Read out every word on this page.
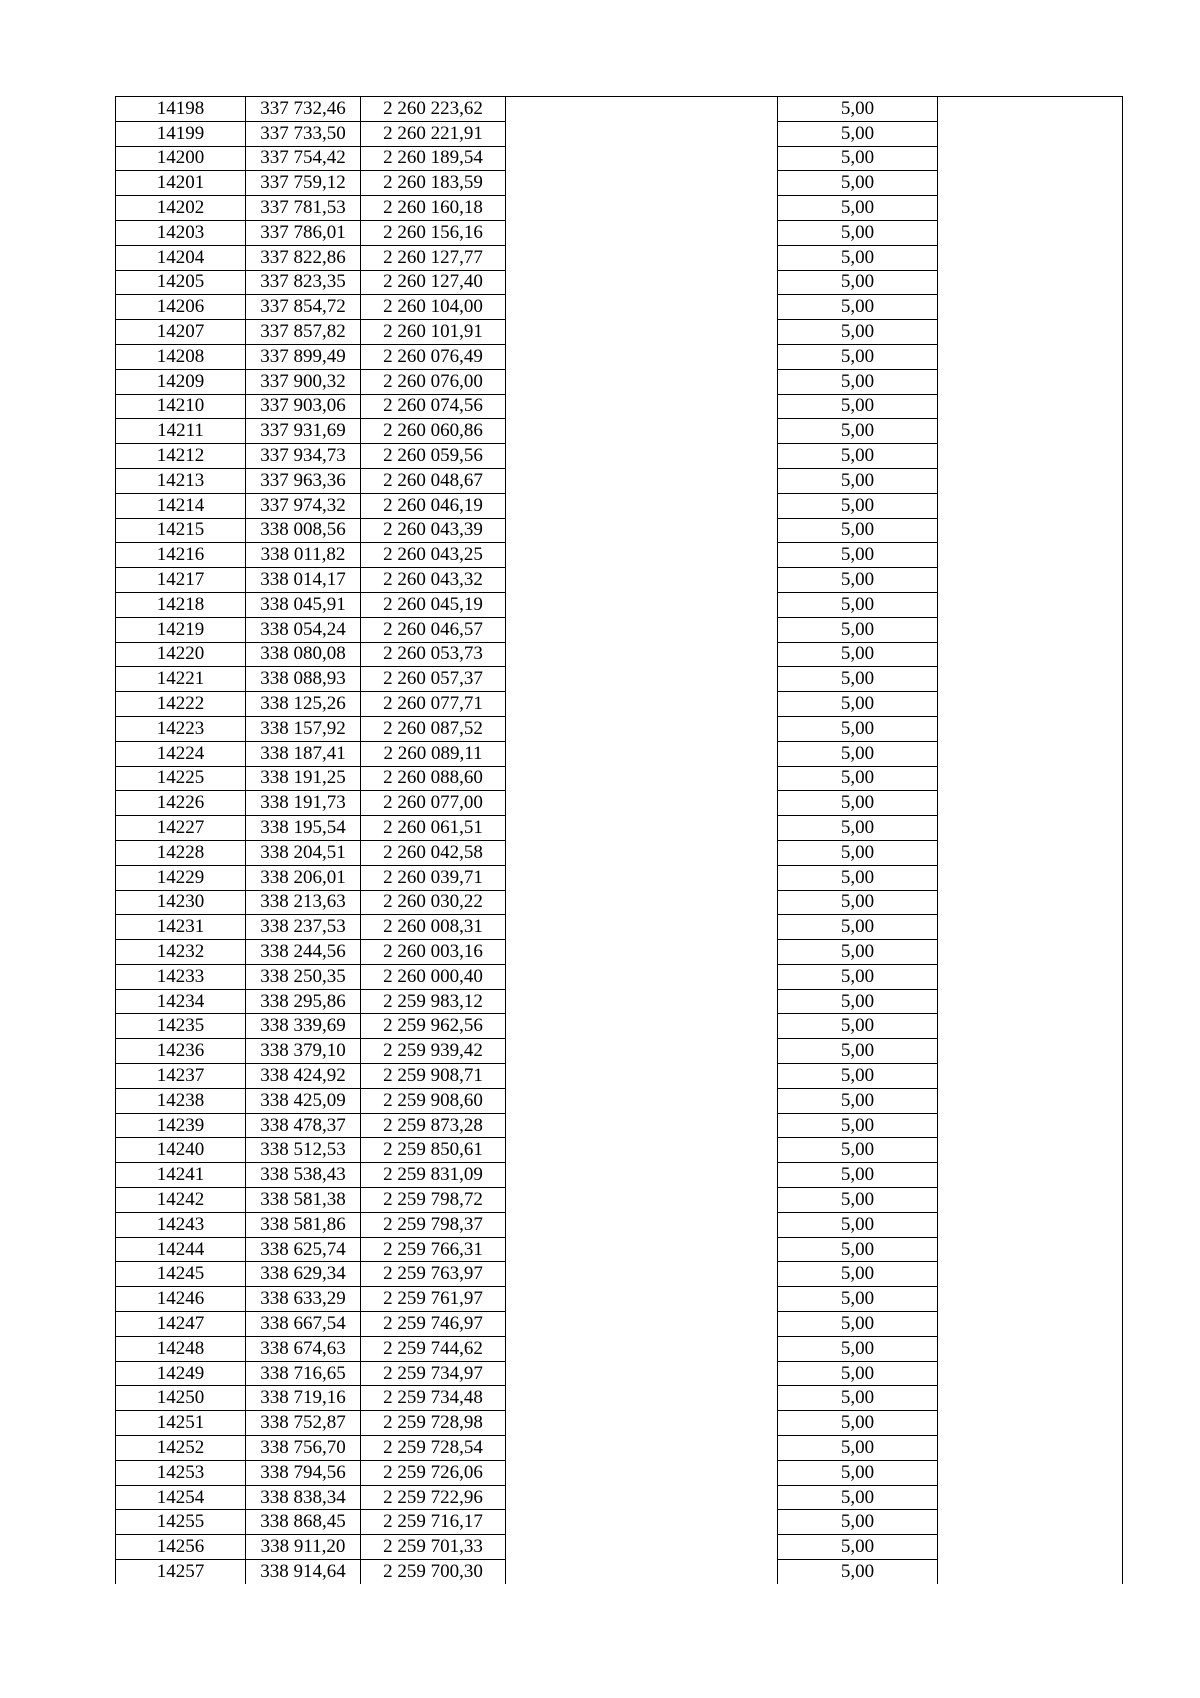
14198	337 732,46	2 260 223,62		5,00	
14199	337 733,50	2 260 221,91		5,00	
14200	337 754,42	2 260 189,54		5,00	
14201	337 759,12	2 260 183,59		5,00	
14202	337 781,53	2 260 160,18		5,00	
14203	337 786,01	2 260 156,16		5,00	
14204	337 822,86	2 260 127,77		5,00	
14205	337 823,35	2 260 127,40		5,00	
14206	337 854,72	2 260 104,00		5,00	
14207	337 857,82	2 260 101,91		5,00	
14208	337 899,49	2 260 076,49		5,00	
14209	337 900,32	2 260 076,00		5,00	
14210	337 903,06	2 260 074,56		5,00	
14211	337 931,69	2 260 060,86		5,00	
14212	337 934,73	2 260 059,56		5,00	
14213	337 963,36	2 260 048,67		5,00	
14214	337 974,32	2 260 046,19		5,00	
14215	338 008,56	2 260 043,39		5,00	
14216	338 011,82	2 260 043,25		5,00	
14217	338 014,17	2 260 043,32		5,00	
14218	338 045,91	2 260 045,19		5,00	
14219	338 054,24	2 260 046,57		5,00	
14220	338 080,08	2 260 053,73		5,00	
14221	338 088,93	2 260 057,37		5,00	
14222	338 125,26	2 260 077,71		5,00	
14223	338 157,92	2 260 087,52		5,00	
14224	338 187,41	2 260 089,11		5,00	
14225	338 191,25	2 260 088,60		5,00	
14226	338 191,73	2 260 077,00		5,00	
14227	338 195,54	2 260 061,51		5,00	
14228	338 204,51	2 260 042,58		5,00	
14229	338 206,01	2 260 039,71		5,00	
14230	338 213,63	2 260 030,22		5,00	
14231	338 237,53	2 260 008,31		5,00	
14232	338 244,56	2 260 003,16		5,00	
14233	338 250,35	2 260 000,40		5,00	
14234	338 295,86	2 259 983,12		5,00	
14235	338 339,69	2 259 962,56		5,00	
14236	338 379,10	2 259 939,42		5,00	
14237	338 424,92	2 259 908,71		5,00	
14238	338 425,09	2 259 908,60		5,00	
14239	338 478,37	2 259 873,28		5,00	
14240	338 512,53	2 259 850,61		5,00	
14241	338 538,43	2 259 831,09		5,00	
14242	338 581,38	2 259 798,72		5,00	
14243	338 581,86	2 259 798,37		5,00	
14244	338 625,74	2 259 766,31		5,00	
14245	338 629,34	2 259 763,97		5,00	
14246	338 633,29	2 259 761,97		5,00	
14247	338 667,54	2 259 746,97		5,00	
14248	338 674,63	2 259 744,62		5,00	
14249	338 716,65	2 259 734,97		5,00	
14250	338 719,16	2 259 734,48		5,00	
14251	338 752,87	2 259 728,98		5,00	
14252	338 756,70	2 259 728,54		5,00	
14253	338 794,56	2 259 726,06		5,00	
14254	338 838,34	2 259 722,96		5,00	
14255	338 868,45	2 259 716,17		5,00	
14256	338 911,20	2 259 701,33		5,00	
14257	338 914,64	2 259 700,30		5,00	
